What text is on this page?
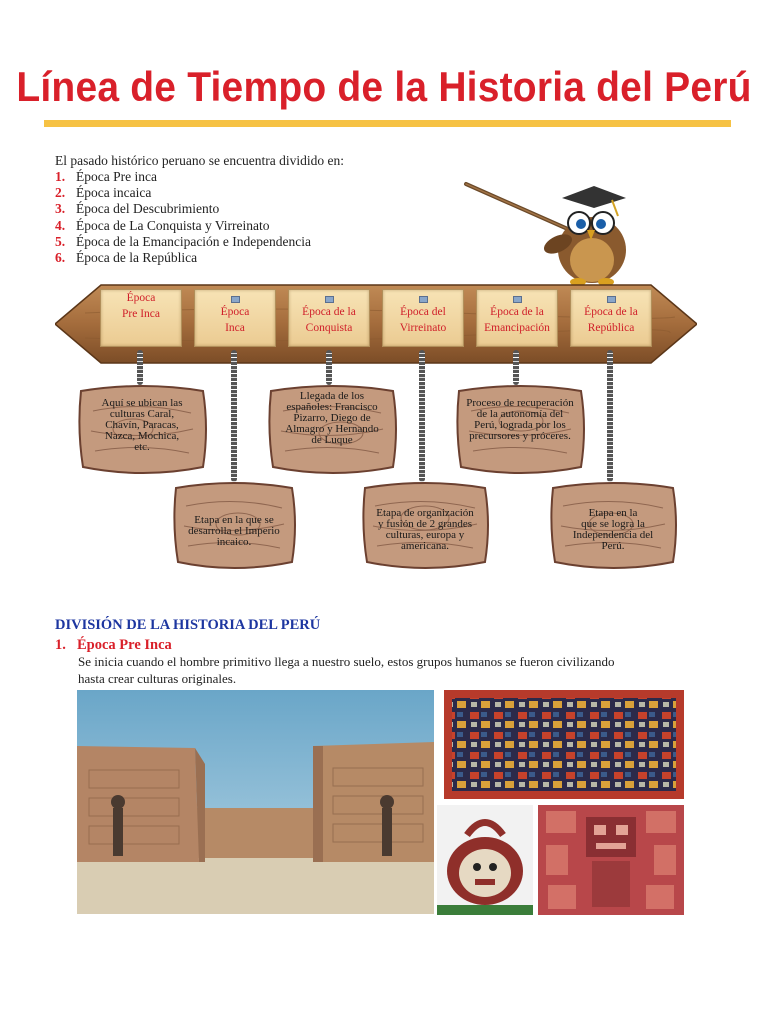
Línea de Tiempo de la Historia del Perú
El pasado histórico peruano se encuentra dividido en:
1. Época Pre inca
2. Época incaica
3. Época del Descubrimiento
4. Época de La Conquista y Virreinato
5. Época de la Emancipación e Independencia
6. Época de la República
Época
Pre Inca	Época
Inca
Época de la
Conquista
Época del
Virreinato
Época de la
Emancipación
Época de la
República
Aquí se ubican las
culturas Caral,
Chavín, Paracas,
Nazca, Mochica,
etc.
Llegada de los
españoles: Francisco
Pizarro, Diego de
Almagro y Hernando
de Luque
Proceso de recuperación
de la autonomía del
Perú, lograda por los
precursores y próceres.
Etapa en la que se
desarrolla el Imperio
incaico.
Etapa de organización
y fusión de 2 grandes
culturas, europa y
americana.
Etapa en la
que se logra la
Independencia del
Perú.
DIVISIÓN DE LA HISTORIA DEL PERÚ
1. Época Pre Inca
Se inicia cuando el hombre primitivo llega a nuestro suelo, estos grupos humanos se fueron civilizando
hasta crear culturas originales.
